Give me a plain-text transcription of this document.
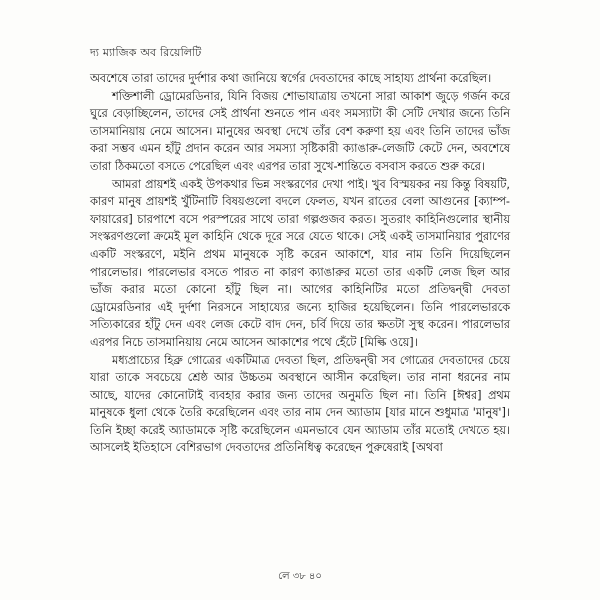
দ্য ম্যাজিক অব রিয়েলিটি

অবশেষে তারা তাদের দুর্দশার কথা জানিয়ে স্বর্গের দেবতাদের কাছে সাহায্য প্রার্থনা করেছিল।

শক্তিশালী ড্রোমেরডিনার, যিনি বিজয় শোভাযাত্রায় তখনো সারা আকাশ জুড়ে গর্জন করে ঘুরে বেড়াচ্ছিলেন, তাদের সেই প্রার্থনা শুনতে পান এবং সমস্যাটা কী সেটি দেখার জন্যে তিনি তাসমানিয়ায় নেমে আসেন। মানুষের অবস্থা দেখে তাঁর বেশ করুণা হয় এবং তিনি তাদের ভাঁজ করা সম্ভব এমন হাঁটু প্রদান করেন আর সমস্যা সৃষ্টিকারী ক্যাঙারু-লেজটি কেটে দেন, অবশেষে তারা ঠিকমতো বসতে পেরেছিল এবং এরপর তারা সুখে-শান্তিতে বসবাস করতে শুরু করে।

আমরা প্রায়শই একই উপকথার ভিন্ন সংস্করণের দেখা পাই। খুব বিস্ময়কর নয় কিন্তু বিষয়টি, কারণ মানুষ প্রায়শই খুঁটিনাটি বিষয়গুলো বদলে ফেলত, যখন রাতের বেলা আগুনের [ক্যাম্প-ফায়ারের] চারপাশে বসে পরস্পরের সাথে তারা গল্পগুজব করত। সুতরাং কাহিনিগুলোর স্থানীয় সংস্করণগুলো ক্রমেই মূল কাহিনি থেকে দূরে সরে যেতে থাকে। সেই একই তাসমানিয়ার পুরাণের একটি সংস্করণে, মইনি প্রথম মানুষকে সৃষ্টি করেন আকাশে, যার নাম তিনি দিয়েছিলেন পারলেভার। পারলেভার বসতে পারত না কারণ ক্যাঙারুর মতো তার একটি লেজ ছিল আর ভাঁজ করার মতো কোনো হাঁটু ছিল না। আগের কাহিনিটির মতো প্রতিদ্বন্দ্বী দেবতা ড্রোমেরডিনার এই দুর্দশা নিরসনে সাহায্যের জন্যে হাজির হয়েছিলেন। তিনি পারলেভারকে সত্যিকারের হাঁটু দেন এবং লেজ কেটে বাদ দেন, চর্বি দিয়ে তার ক্ষতটা সুস্থ করেন। পারলেভার এরপর নিচে তাসমানিয়ায় নেমে আসেন আকাশের পথে হেঁটে [মিল্কি ওয়ে]।

মধ্যপ্রাচ্যের হিব্রু গোত্রের একটিমাত্র দেবতা ছিল, প্রতিদ্বন্দ্বী সব গোত্রের দেবতাদের চেয়ে যারা তাকে সবচেয়ে শ্রেষ্ঠ আর উচ্চতম অবস্থানে আসীন করেছিল। তার নানা ধরনের নাম আছে, যাদের কোনোটাই ব্যবহার করার জন্য তাদের অনুমতি ছিল না। তিনি [ঈশ্বর] প্রথম মানুষকে ধুলা থেকে তৈরি করেছিলেন এবং তার নাম দেন অ্যাডাম [যার মানে শুধুমাত্র 'মানুষ']। তিনি ইচ্ছা করেই অ্যাডামকে সৃষ্টি করেছিলেন এমনভাবে যেন অ্যাডাম তাঁর মতোই দেখতে হয়। আসলেই ইতিহাসে বেশিরভাগ দেবতাদের প্রতিনিধিত্ব করেছেন পুরুষেরাই [অথবা

লে ৩৮ ৪০
